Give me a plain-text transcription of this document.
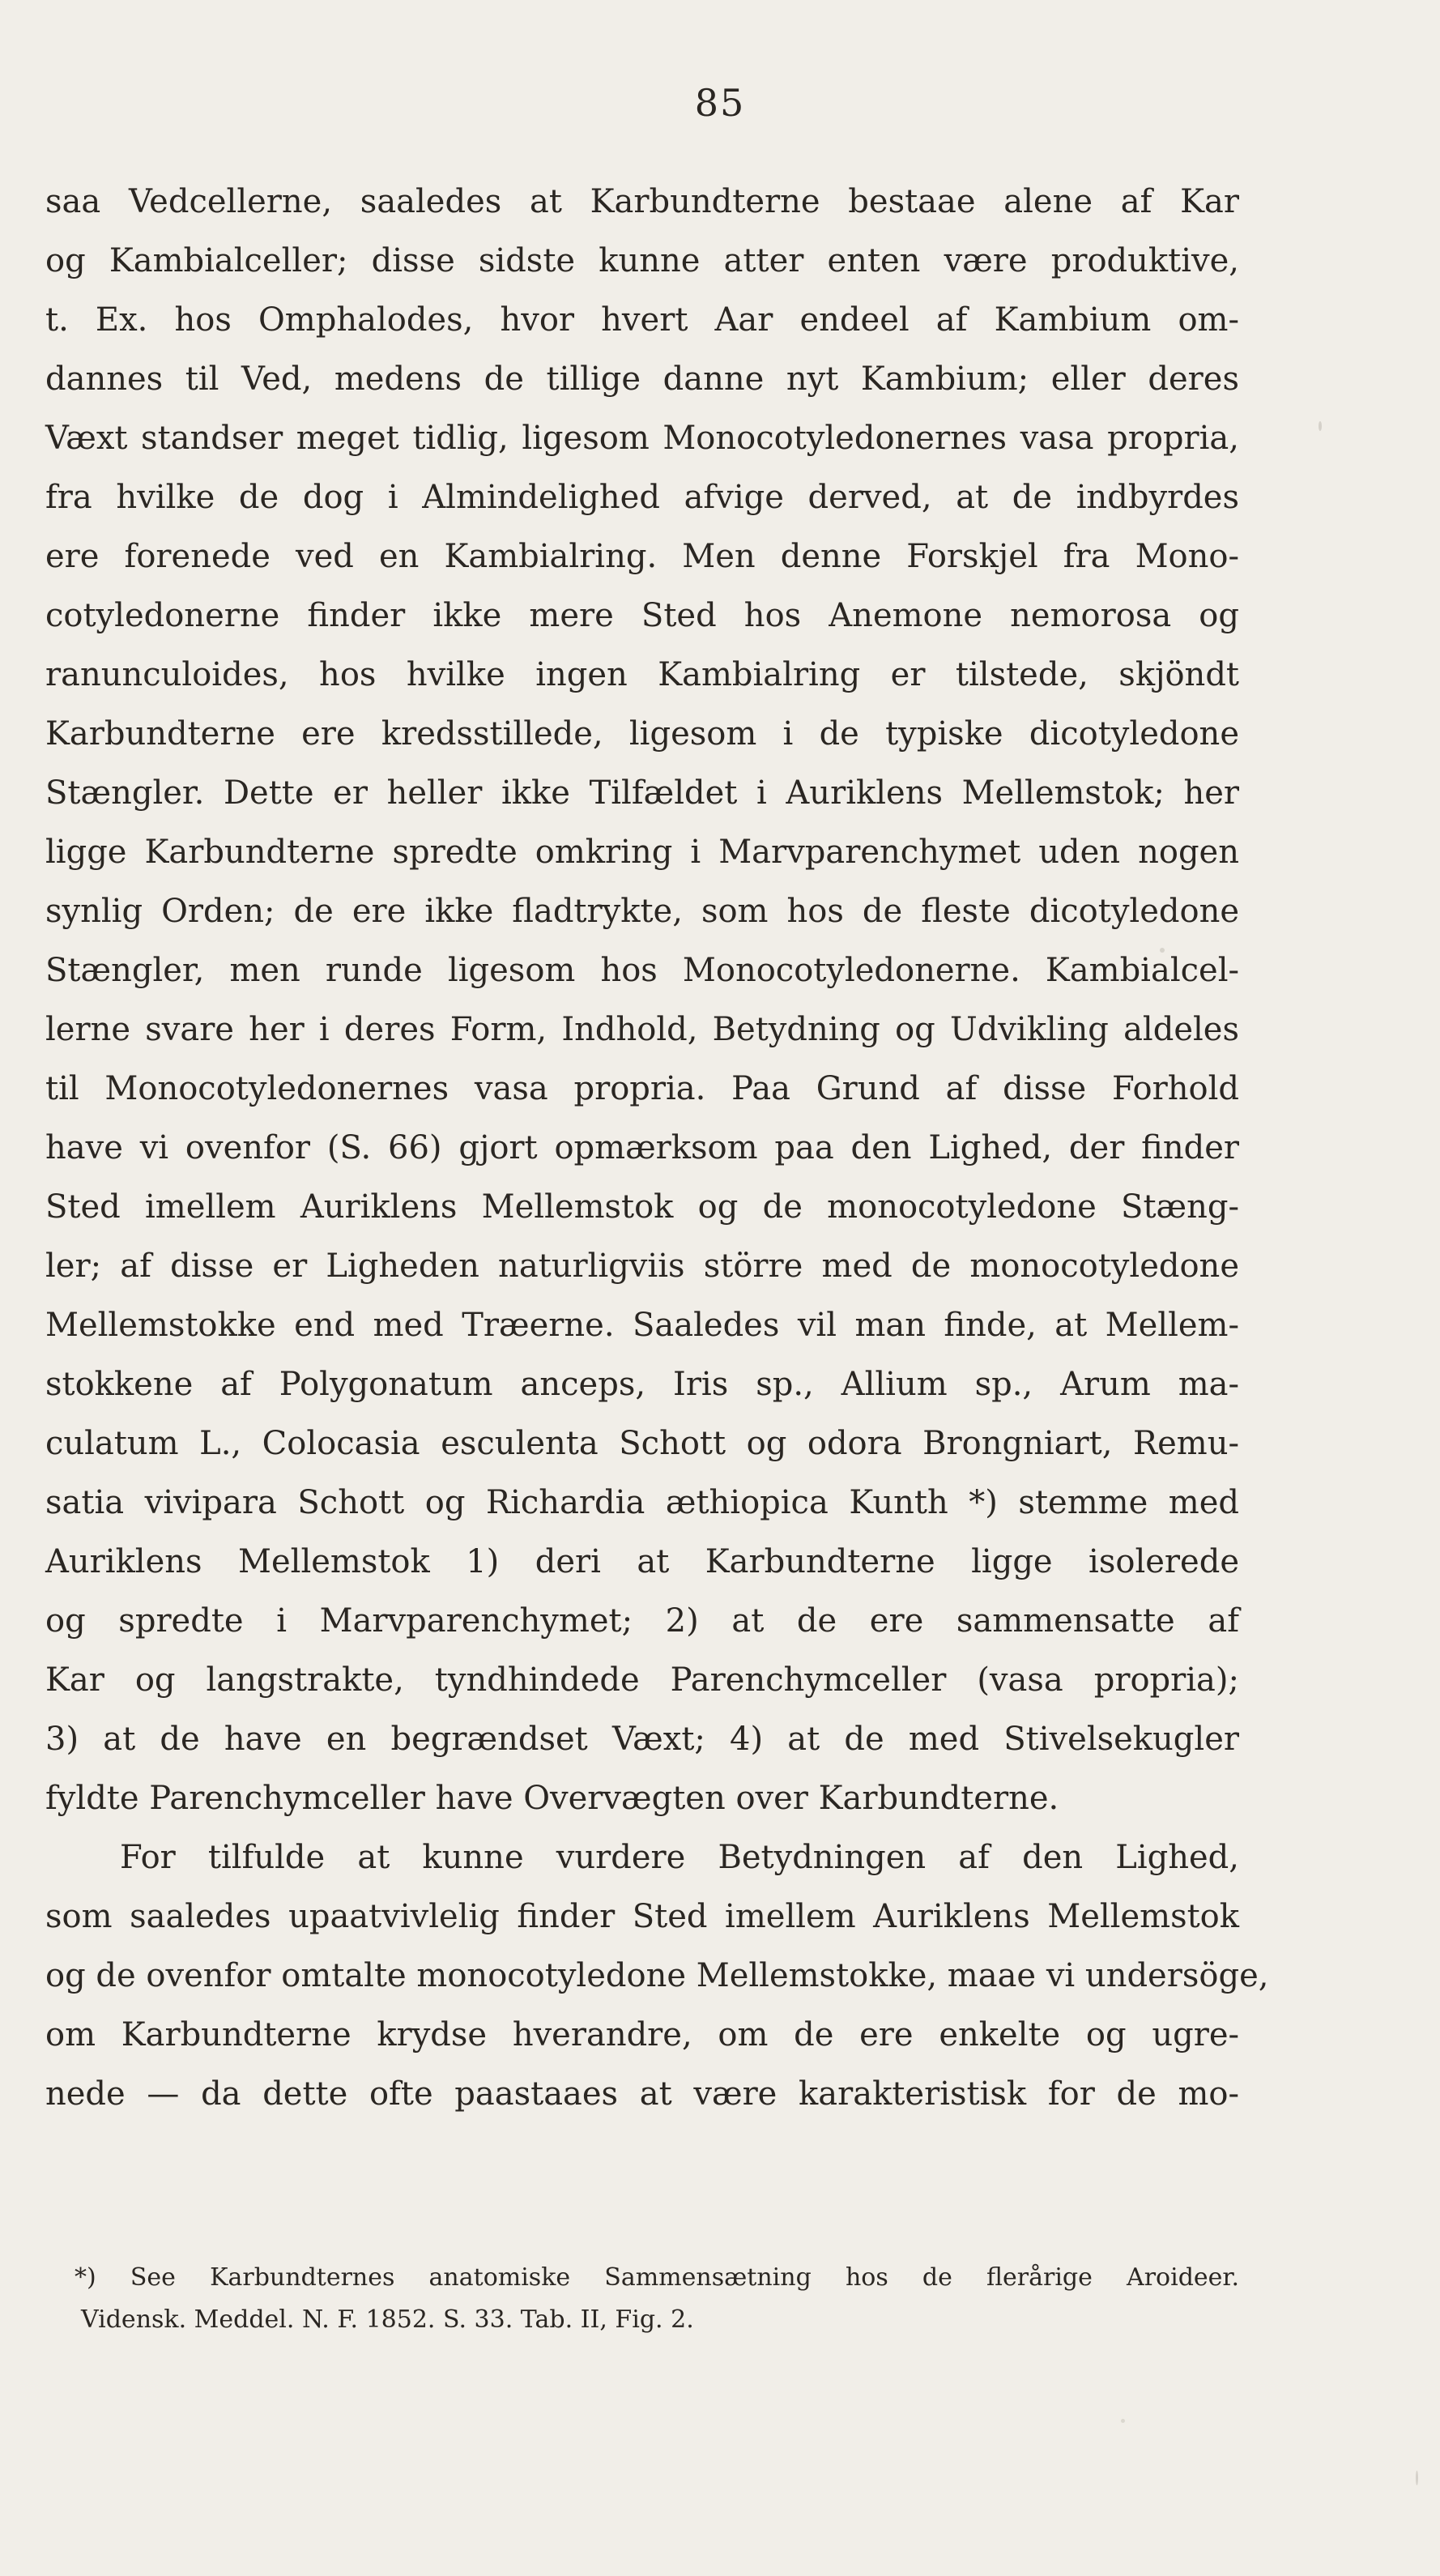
85
saa Vedcellerne, saaledes at Karbundterne bestaae alene af Kar
og Kambialceller; disse sidste kunne atter enten være produktive,
t. Ex. hos Omphalodes, hvor hvert Aar endeel af Kambium om-
dannes til Ved, medens de tillige danne nyt Kambium; eller deres
Væxt standser meget tidlig, ligesom Monocotyledonernes vasa propria,
fra hvilke de dog i Almindelighed afvige derved, at de indbyrdes
ere forenede ved en Kambialring. Men denne Forskjel fra Mono-
cotyledonerne finder ikke mere Sted hos Anemone nemorosa og
ranunculoides, hos hvilke ingen Kambialring er tilstede, skjöndt
Karbundterne ere kredsstillede, ligesom i de typiske dicotyledone
Stængler. Dette er heller ikke Tilfældet i Auriklens Mellemstok; her
ligge Karbundterne spredte omkring i Marvparenchymet uden nogen
synlig Orden; de ere ikke fladtrykte, som hos de fleste dicotyledone
Stængler, men runde ligesom hos Monocotyledonerne. Kambialcel-
lerne svare her i deres Form, Indhold, Betydning og Udvikling aldeles
til Monocotyledonernes vasa propria. Paa Grund af disse Forhold
have vi ovenfor (S. 66) gjort opmærksom paa den Lighed, der finder
Sted imellem Auriklens Mellemstok og de monocotyledone Stæng-
ler; af disse er Ligheden naturligviis större med de monocotyledone
Mellemstokke end med Træerne. Saaledes vil man finde, at Mellem-
stokkene af Polygonatum anceps, Iris sp., Allium sp., Arum ma-
culatum L., Colocasia esculenta Schott og odora Brongniart, Remu-
satia vivipara Schott og Richardia æthiopica Kunth *) stemme med
Auriklens Mellemstok 1) deri at Karbundterne ligge isolerede
og spredte i Marvparenchymet; 2) at de ere sammensatte af
Kar og langstrakte, tyndhindede Parenchymceller (vasa propria);
3) at de have en begrændset Væxt; 4) at de med Stivelsekugler
fyldte Parenchymceller have Overvægten over Karbundterne.
For tilfulde at kunne vurdere Betydningen af den Lighed,
som saaledes upaatvivlelig finder Sted imellem Auriklens Mellemstok
og de ovenfor omtalte monocotyledone Mellemstokke, maae vi undersöge,
om Karbundterne krydse hverandre, om de ere enkelte og ugre-
nede — da dette ofte paastaaes at være karakteristisk for de mo-
*) See Karbundternes anatomiske Sammensætning hos de flerårige Aroideer.
Vidensk. Meddel. N. F. 1852. S. 33. Tab. II, Fig. 2.
